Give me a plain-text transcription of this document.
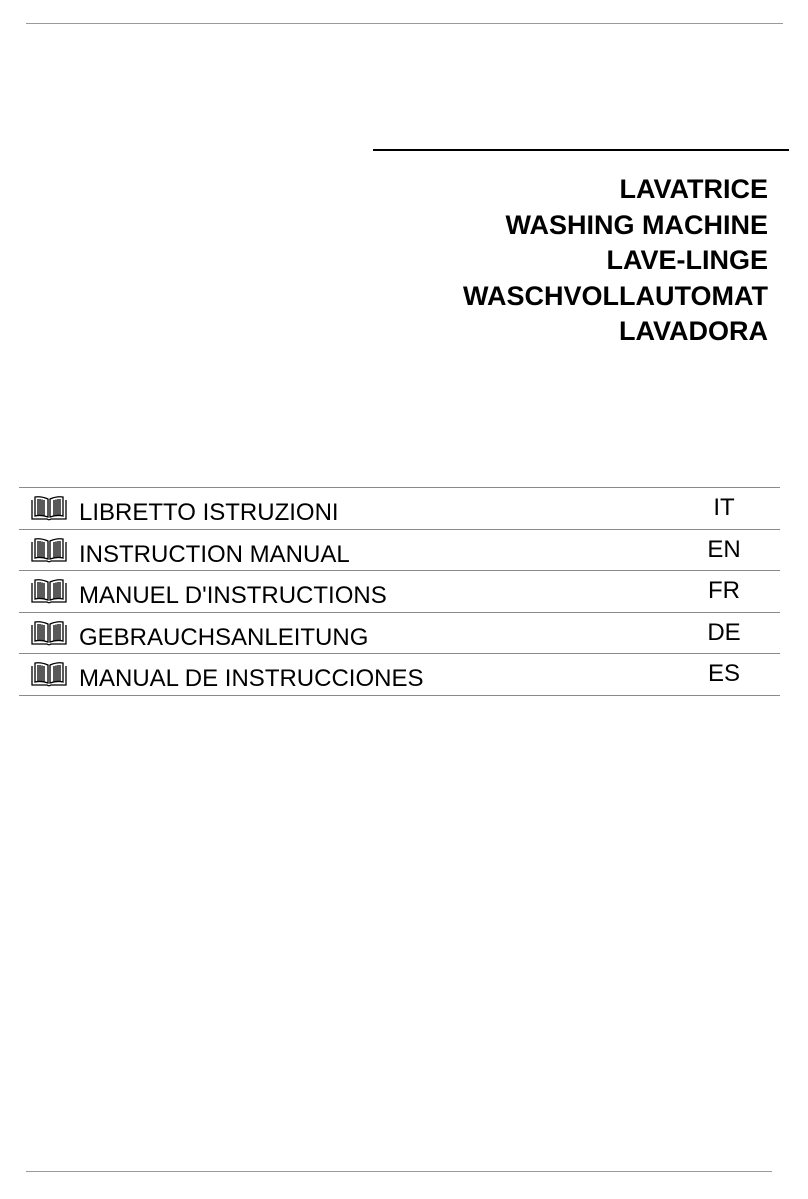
LAVATRICE
WASHING MACHINE
LAVE-LINGE
WASCHVOLLAUTOMAT
LAVADORA
LIBRETTO ISTRUZIONI	IT
INSTRUCTION MANUAL	EN
MANUEL D'INSTRUCTIONS	FR
GEBRAUCHSANLEITUNG	DE
MANUAL DE INSTRUCCIONES	ES
